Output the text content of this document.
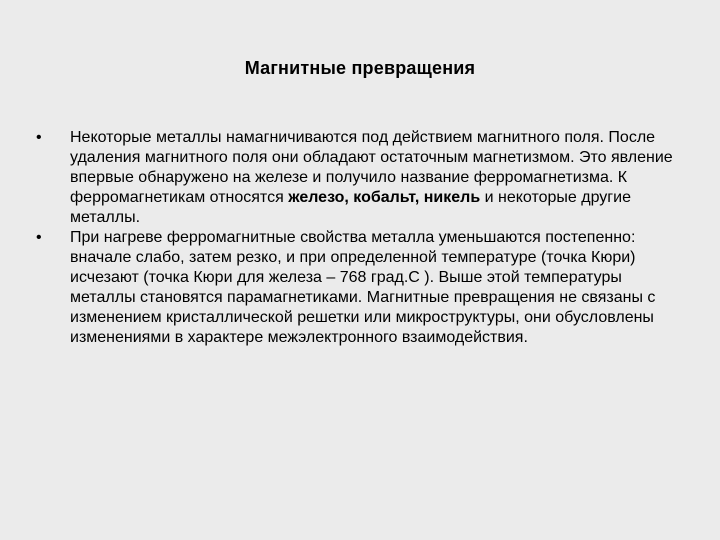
Магнитные превращения
•	Некоторые металлы намагничиваются под действием магнитного поля. После удаления магнитного поля они обладают остаточным магнетизмом. Это явление впервые обнаружено на железе и получило название ферромагнетизма. К ферромагнетикам относятся железо, кобальт, никель и некоторые другие металлы.
•	При нагреве ферромагнитные свойства металла уменьшаются постепенно: вначале слабо, затем резко, и при определенной температуре (точка Кюри) исчезают (точка Кюри для железа – 768 град.С ). Выше этой температуры металлы становятся парамагнетиками. Магнитные превращения не связаны с изменением кристаллической решетки или микроструктуры, они обусловлены изменениями в характере межэлектронного взаимодействия.
